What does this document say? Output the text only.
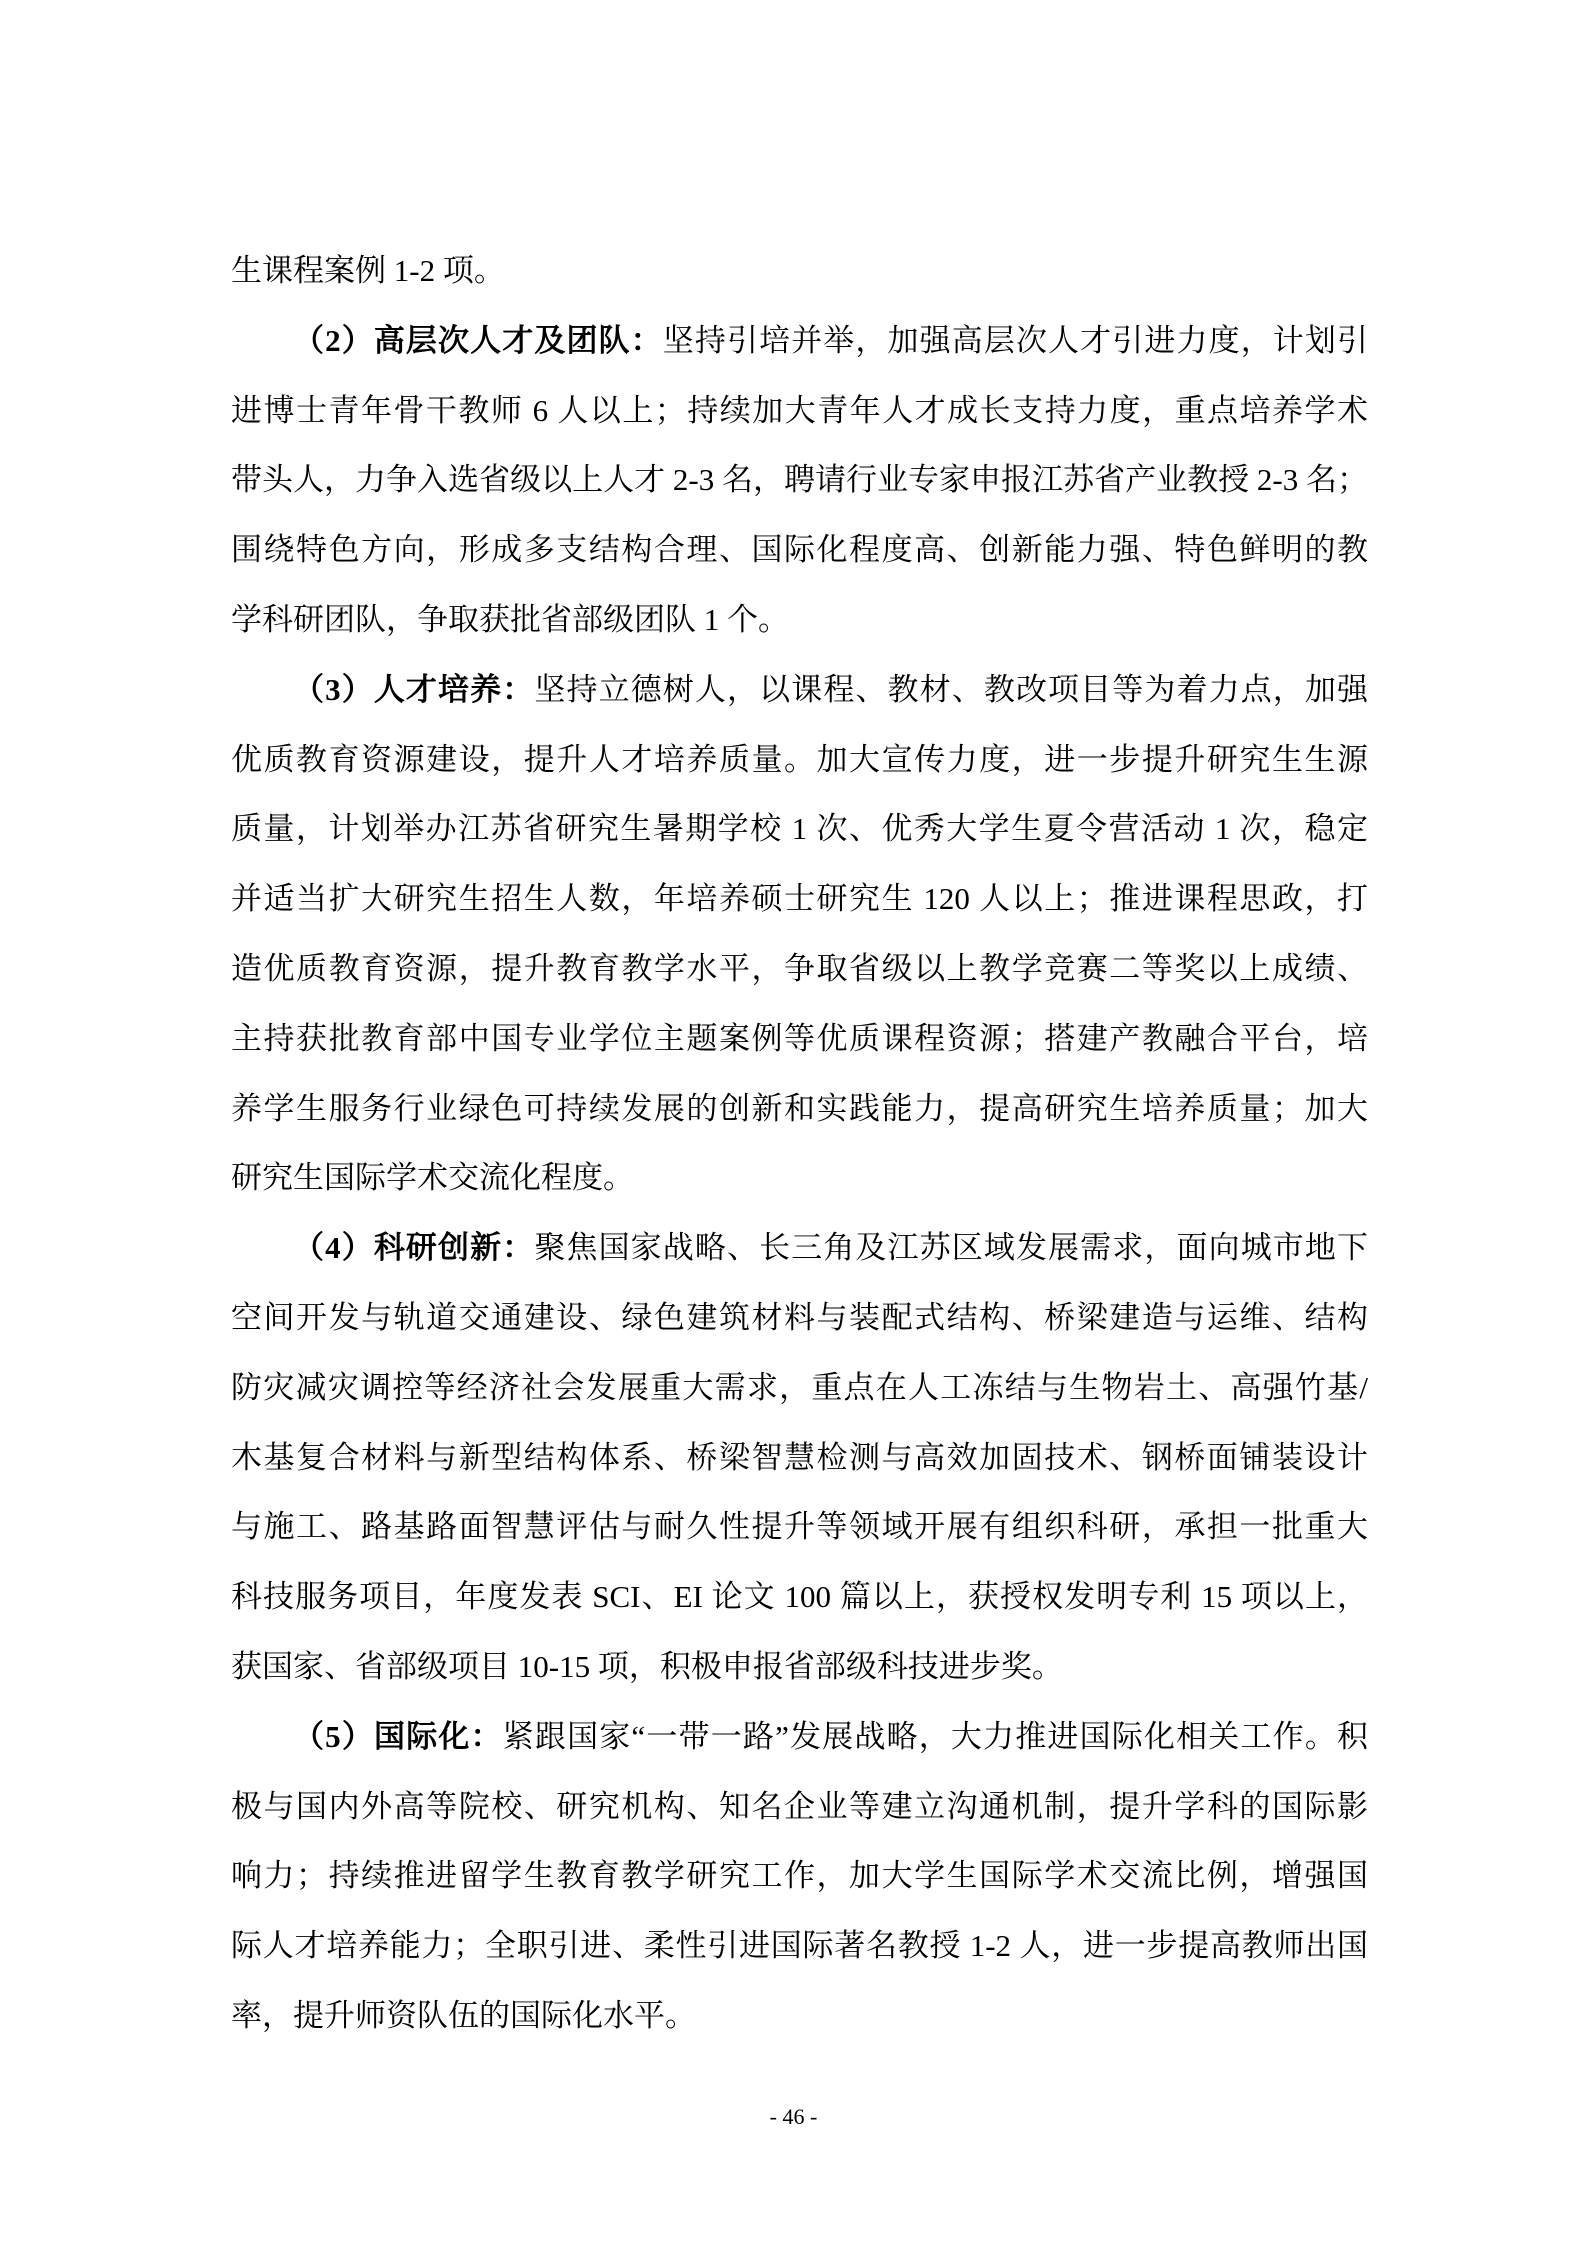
生课程案例 1-2 项。
（2）高层次人才及团队：坚持引培并举，加强高层次人才引进力度，计划引
进博士青年骨干教师 6 人以上；持续加大青年人才成长支持力度，重点培养学术
带头人，力争入选省级以上人才 2-3 名，聘请行业专家申报江苏省产业教授 2-3 名；
围绕特色方向，形成多支结构合理、国际化程度高、创新能力强、特色鲜明的教
学科研团队，争取获批省部级团队 1 个。
（3）人才培养：坚持立德树人，以课程、教材、教改项目等为着力点，加强
优质教育资源建设，提升人才培养质量。加大宣传力度，进一步提升研究生生源
质量，计划举办江苏省研究生暑期学校 1 次、优秀大学生夏令营活动 1 次，稳定
并适当扩大研究生招生人数，年培养硕士研究生 120 人以上；推进课程思政，打
造优质教育资源，提升教育教学水平，争取省级以上教学竞赛二等奖以上成绩、
主持获批教育部中国专业学位主题案例等优质课程资源；搭建产教融合平台，培
养学生服务行业绿色可持续发展的创新和实践能力，提高研究生培养质量；加大
研究生国际学术交流化程度。
（4）科研创新：聚焦国家战略、长三角及江苏区域发展需求，面向城市地下
空间开发与轨道交通建设、绿色建筑材料与装配式结构、桥梁建造与运维、结构
防灾减灾调控等经济社会发展重大需求，重点在人工冻结与生物岩土、高强竹基/
木基复合材料与新型结构体系、桥梁智慧检测与高效加固技术、钢桥面铺装设计
与施工、路基路面智慧评估与耐久性提升等领域开展有组织科研，承担一批重大
科技服务项目，年度发表 SCI、EI 论文 100 篇以上，获授权发明专利 15 项以上，
获国家、省部级项目 10-15 项，积极申报省部级科技进步奖。
（5）国际化：紧跟国家“一带一路”发展战略，大力推进国际化相关工作。积
极与国内外高等院校、研究机构、知名企业等建立沟通机制，提升学科的国际影
响力；持续推进留学生教育教学研究工作，加大学生国际学术交流比例，增强国
际人才培养能力；全职引进、柔性引进国际著名教授 1-2 人，进一步提高教师出国
率，提升师资队伍的国际化水平。
- 46 -
